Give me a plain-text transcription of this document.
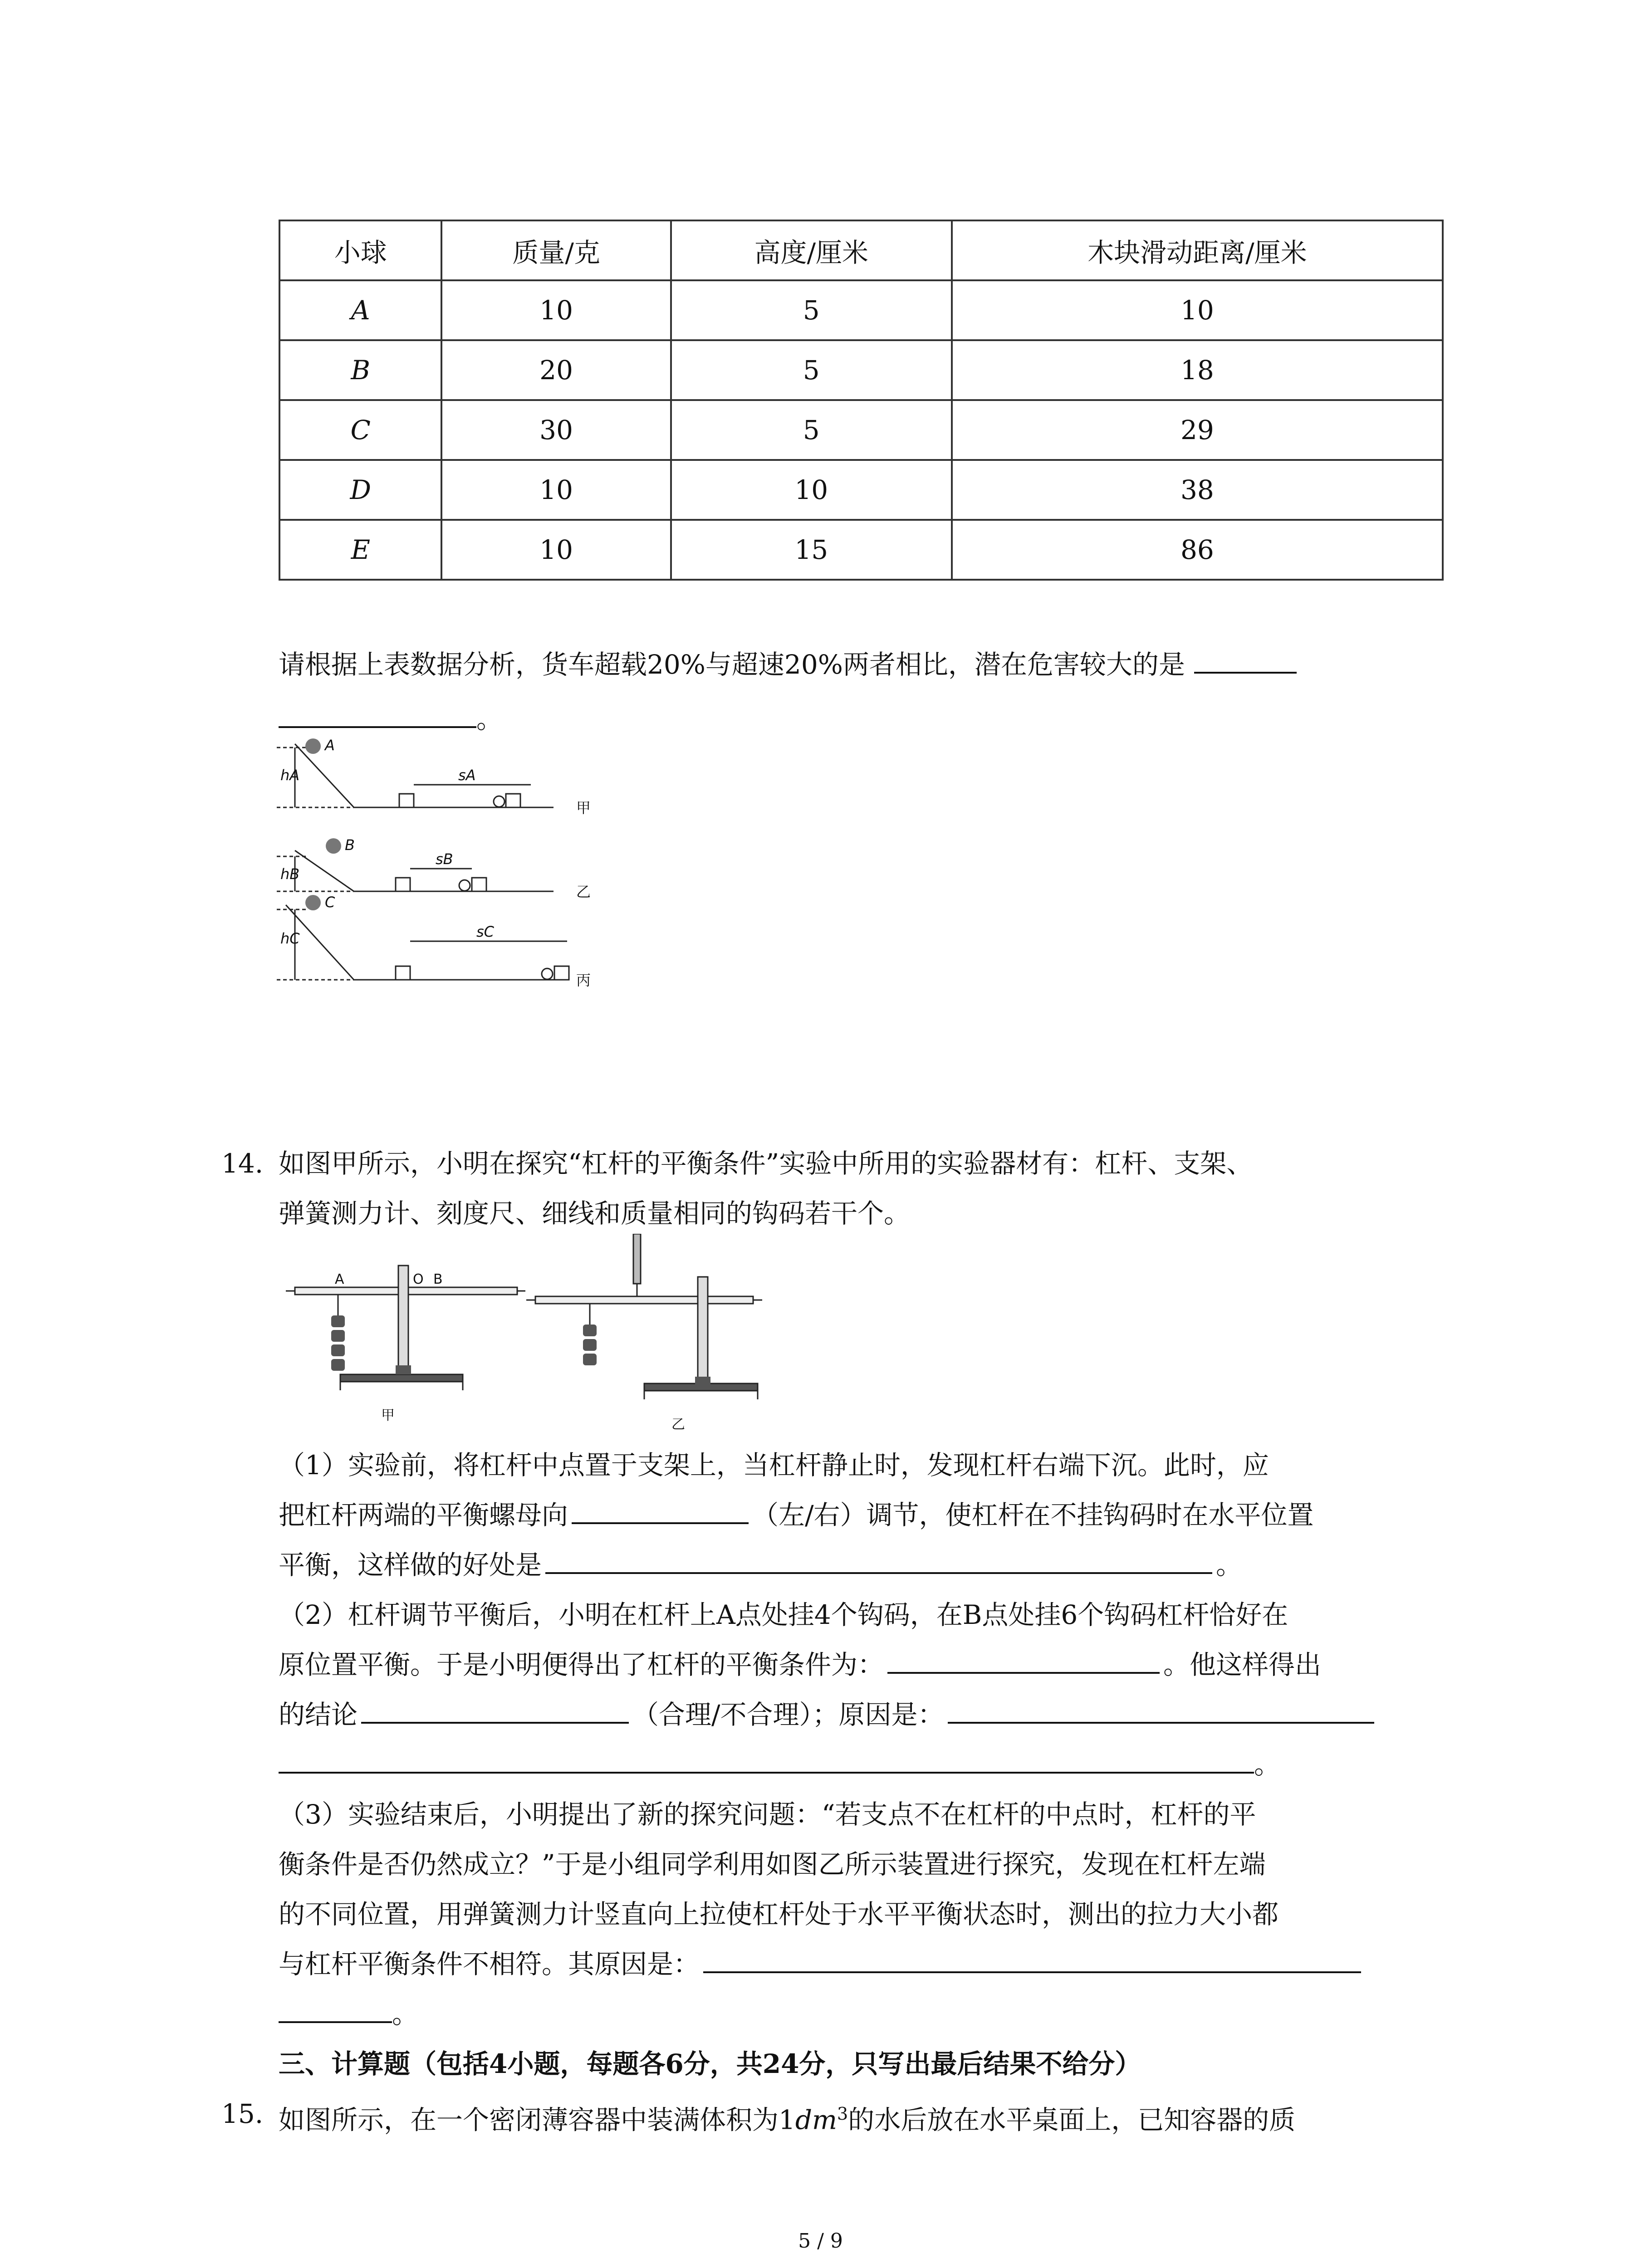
小球	质量/克	高度/厘米	木块滑动距离/厘米
A	10	5	10
B	20	5	18
C	30	5	29
D	10	10	38
E	10	15	86
请根据上表数据分析，货车超载20%与超速20%两者相比，潜在危害较大的是
。
A
hA	sA
B
hB
sB
C
hC	sC
甲
乙
丙
14. 如图甲所示，小明在探究“杠杆的平衡条件”实验中所用的实验器材有：杠杆、支架、
弹簧测力计、刻度尺、细线和质量相同的钩码若干个。
A	O B
甲
乙
（1）实验前，将杠杆中点置于支架上，当杠杆静止时，发现杠杆右端下沉。此时，应
把杠杆两端的平衡螺母向	（左/右）调节，使杠杆在不挂钩码时在水平位置
平衡，这样做的好处是	。
（2）杠杆调节平衡后，小明在杠杆上A点处挂4个钩码，在B点处挂6个钩码杠杆恰好在
原位置平衡。于是小明便得出了杠杆的平衡条件为：	。他这样得出
的结论	（合理/不合理）；原因是：
。
（3）实验结束后，小明提出了新的探究问题：“若支点不在杠杆的中点时，杠杆的平
衡条件是否仍然成立？”于是小组同学利用如图乙所示装置进行探究，发现在杠杆左端
的不同位置，用弹簧测力计竖直向上拉使杠杆处于水平平衡状态时，测出的拉力大小都
与杠杆平衡条件不相符。其原因是：
。
三、计算题（包括4小题，每题各6分，共24分，只写出最后结果不给分）
15. 如图所示，在一个密闭薄容器中装满体积为$1dm^3$的水后放在水平桌面上，已知容器的质
5 / 9
